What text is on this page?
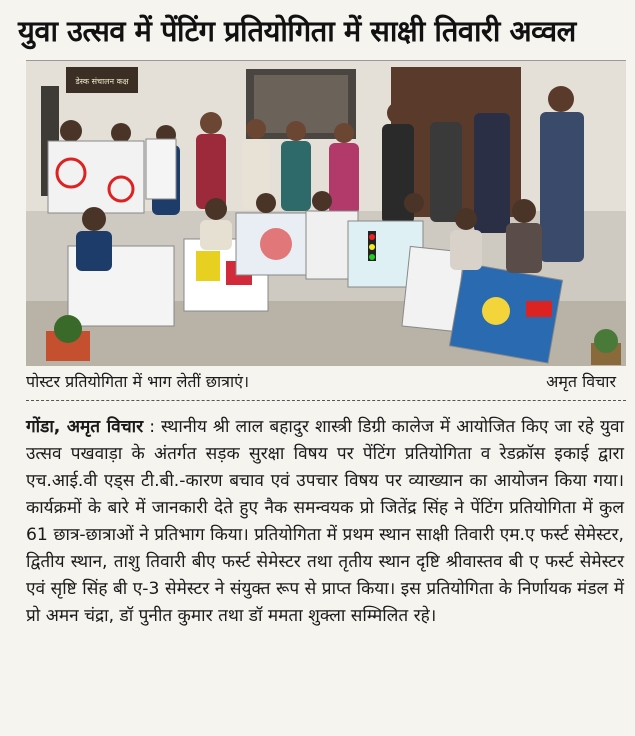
युवा उत्सव में पेंटिंग प्रतियोगिता में साक्षी तिवारी अव्वल
डेस्क संचालन कक्ष
पोस्टर प्रतियोगिता में भाग लेतीं छात्राएं।	अमृत विचार
गोंडा, अमृत विचार : स्थानीय श्री लाल बहादुर शास्त्री डिग्री कालेज में आयोजित किए जा रहे युवा उत्सव पखवाड़ा के अंतर्गत सड़क सुरक्षा विषय पर पेंटिंग प्रतियोगिता व रेडक्रॉस इकाई द्वारा एच.आई.वी एड्स टी.बी.-कारण बचाव एवं उपचार विषय पर व्याख्यान का आयोजन किया गया। कार्यक्रमों के बारे में जानकारी देते हुए नैक समन्वयक प्रो जितेंद्र सिंह ने पेंटिंग प्रतियोगिता में कुल 61 छात्र-छात्राओं ने प्रतिभाग किया। प्रतियोगिता में प्रथम स्थान साक्षी तिवारी एम.ए फर्स्ट सेमेस्टर, द्वितीय स्थान, ताशु तिवारी बीए फर्स्ट सेमेस्टर तथा तृतीय स्थान दृष्टि श्रीवास्तव बी ए फर्स्ट सेमेस्टर एवं सृष्टि सिंह बी ए-3 सेमेस्टर ने संयुक्त रूप से प्राप्त किया। इस प्रतियोगिता के निर्णायक मंडल में प्रो अमन चंद्रा, डॉ पुनीत कुमार तथा डॉ ममता शुक्ला सम्मिलित रहे।
